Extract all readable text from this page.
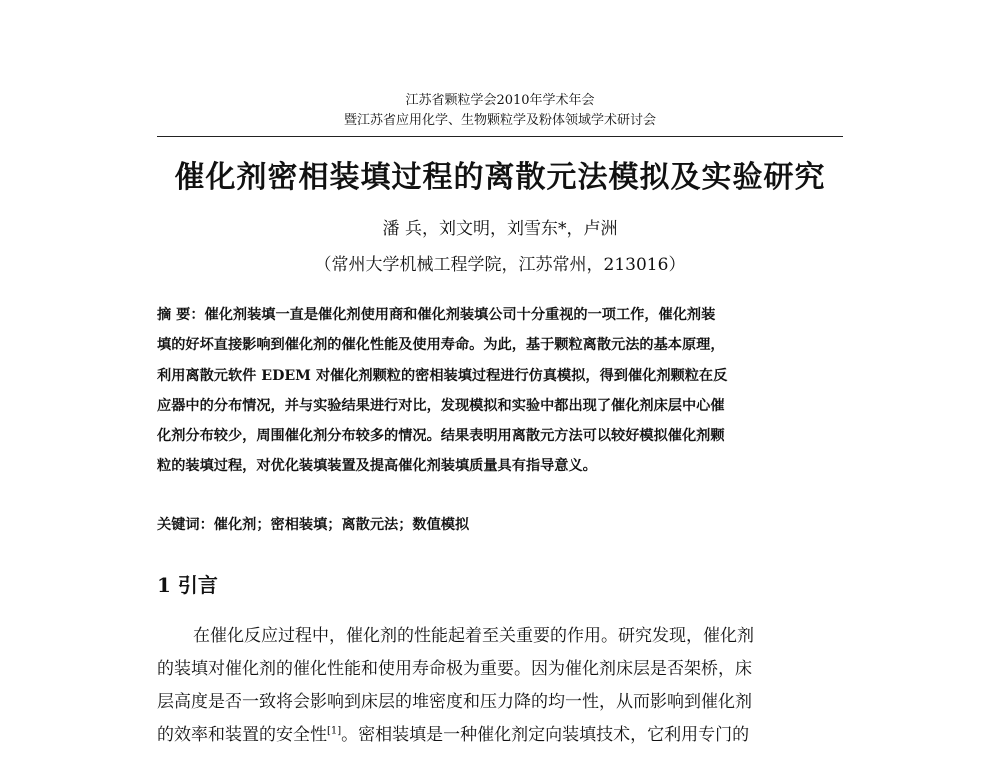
江苏省颗粒学会2010年学术年会
暨江苏省应用化学、生物颗粒学及粉体领域学术研讨会
催化剂密相装填过程的离散元法模拟及实验研究
潘 兵，刘文明，刘雪东*，卢洲
（常州大学机械工程学院，江苏常州，213016）
摘 要：催化剂装填一直是催化剂使用商和催化剂装填公司十分重视的一项工作，催化剂装
填的好坏直接影响到催化剂的催化性能及使用寿命。为此，基于颗粒离散元法的基本原理，
利用离散元软件 EDEM 对催化剂颗粒的密相装填过程进行仿真模拟，得到催化剂颗粒在反
应器中的分布情况，并与实验结果进行对比，发现模拟和实验中都出现了催化剂床层中心催
化剂分布较少，周围催化剂分布较多的情况。结果表明用离散元方法可以较好模拟催化剂颗
粒的装填过程，对优化装填装置及提高催化剂装填质量具有指导意义。
关键词：催化剂；密相装填；离散元法；数值模拟
1 引言
在催化反应过程中，催化剂的性能起着至关重要的作用。研究发现，催化剂
的装填对催化剂的催化性能和使用寿命极为重要。因为催化剂床层是否架桥，床
层高度是否一致将会影响到床层的堆密度和压力降的均一性，从而影响到催化剂
的效率和装置的安全性[1]。密相装填是一种催化剂定向装填技术，它利用专门的
